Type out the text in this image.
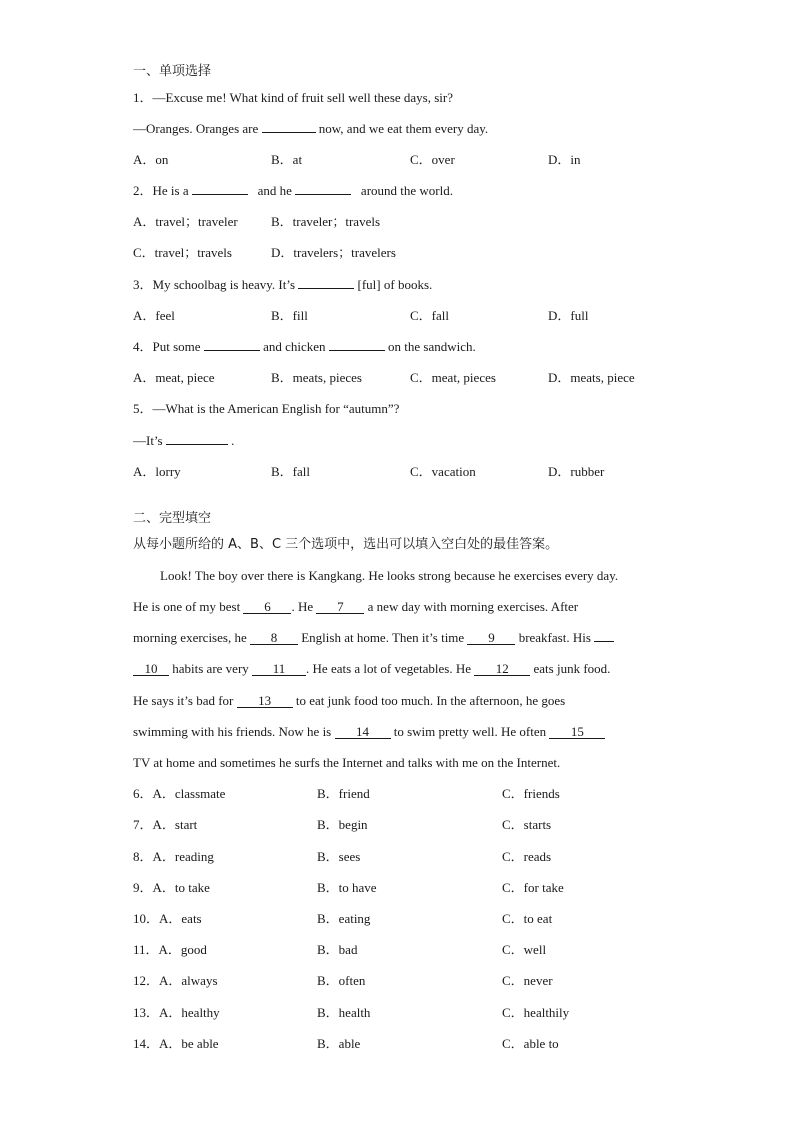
一、单项选择
1．—Excuse me! What kind of fruit sell well these days, sir?
—Oranges. Oranges are	now, and we eat them every day.
A．on	B．at	C．over	D．in
2．He is a	and he	around the world.
A．travel；traveler	B．traveler；travels
C．travel；travels	D．travelers；travelers
3．My schoolbag is heavy. It’s	[ful] of books.
A．feel	B．fill	C．fall	D．full
4．Put some	and chicken	on the sandwich.
A．meat, piece	B．meats, pieces	C．meat, pieces	D．meats, piece
5．—What is the American English for “autumn”?
—It’s	.
A．lorry	B．fall	C．vacation	D．rubber
二、完型填空
从每小题所给的 A、B、C 三个选项中，选出可以填入空白处的最佳答案。
Look! The boy over there is Kangkang. He looks strong because he exercises every day.
He is one of my best 6 . He 7 a new day with morning exercises. After
morning exercises, he 8 English at home. Then it’s time 9 breakfast. His
10 habits are very 11 . He eats a lot of vegetables. He 12 eats junk food.
He says it’s bad for 13 to eat junk food too much. In the afternoon, he goes
swimming with his friends. Now he is 14 to swim pretty well. He often 15
TV at home and sometimes he surfs the Internet and talks with me on the Internet.
6．A．classmate	B．friend	C．friends
7．A．start	B．begin	C．starts
8．A．reading	B．sees	C．reads
9．A．to take	B．to have	C．for take
10．A．eats	B．eating	C．to eat
11．A．good	B．bad	C．well
12．A．always	B．often	C．never
13．A．healthy	B．health	C．healthily
14．A．be able	B．able	C．able to
